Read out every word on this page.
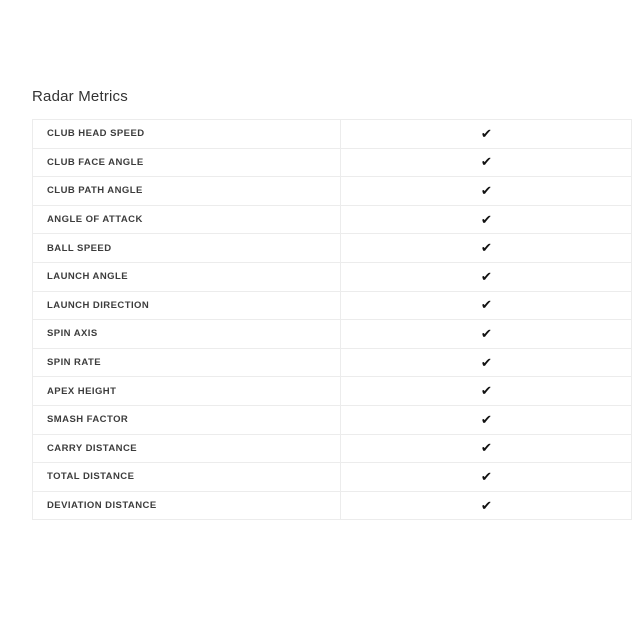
Radar Metrics
CLUB HEAD SPEED	✔
CLUB FACE ANGLE	✔
CLUB PATH ANGLE	✔
ANGLE OF ATTACK	✔
BALL SPEED	✔
LAUNCH ANGLE	✔
LAUNCH DIRECTION	✔
SPIN AXIS	✔
SPIN RATE	✔
APEX HEIGHT	✔
SMASH FACTOR	✔
CARRY DISTANCE	✔
TOTAL DISTANCE	✔
DEVIATION DISTANCE	✔
